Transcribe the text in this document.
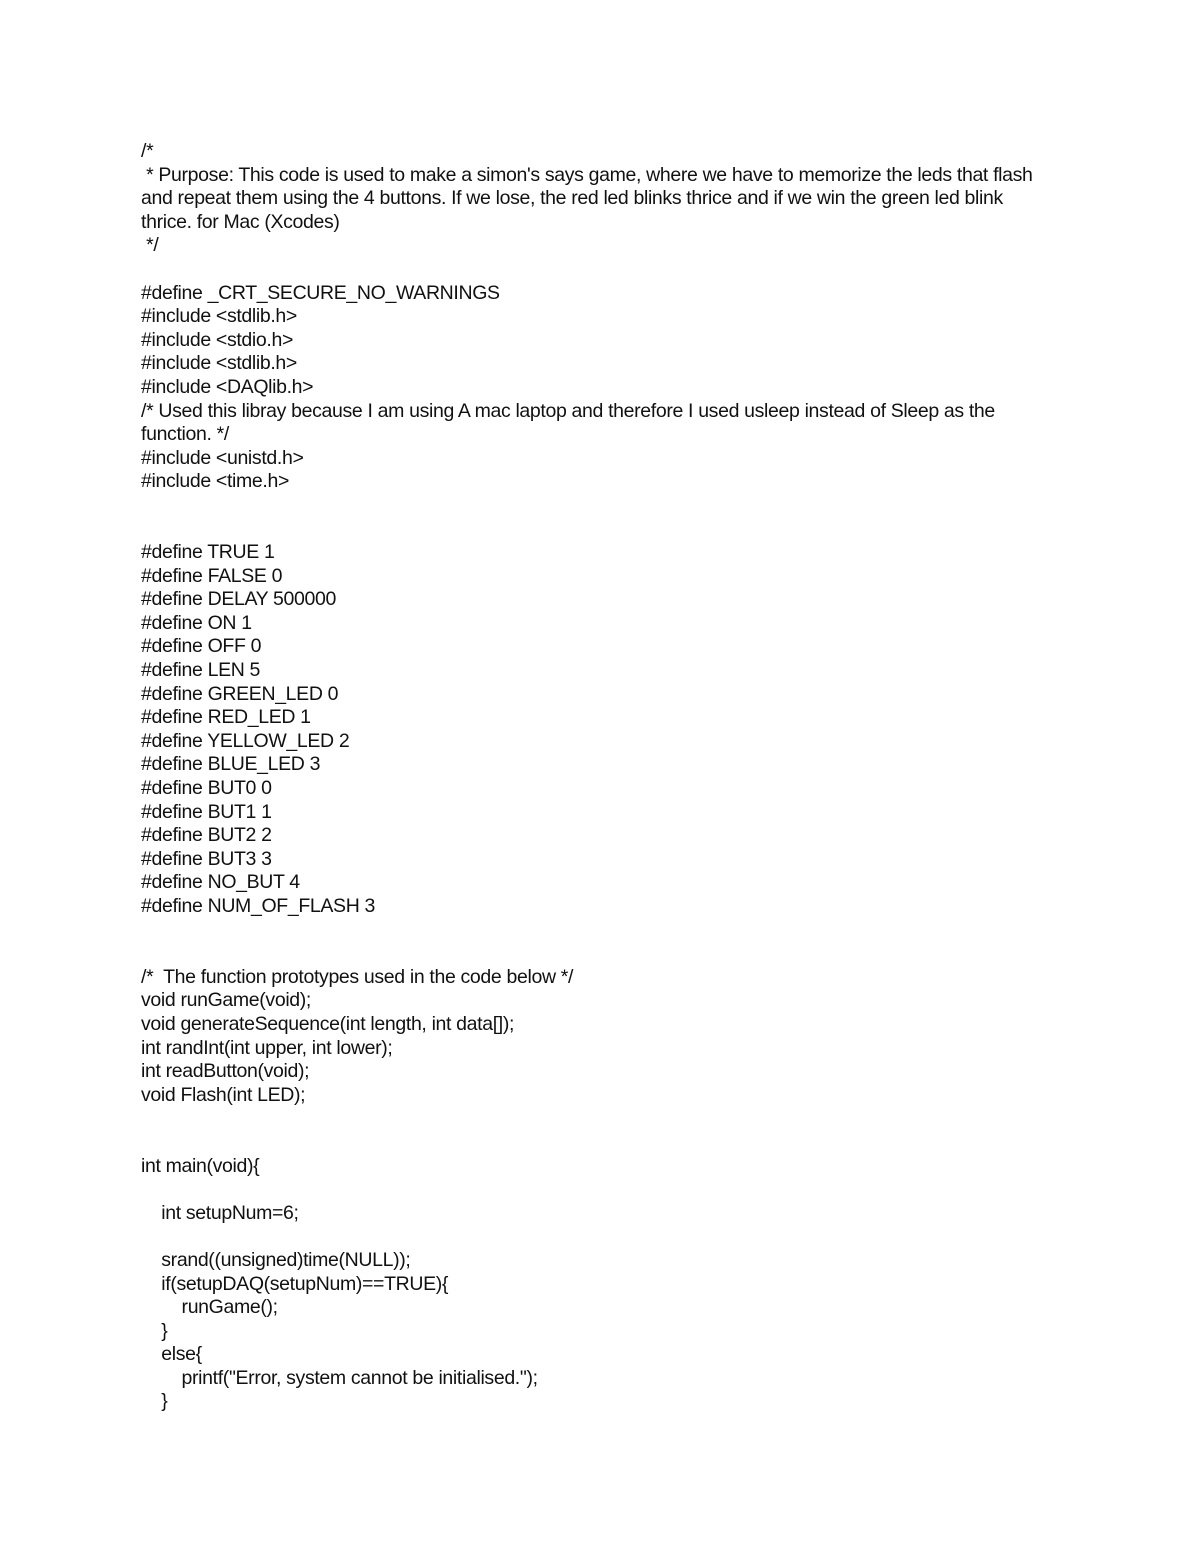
/*
* Purpose: This code is used to make a simon's says game, where we have to memorize the leds that flash and repeat them using the 4 buttons. If we lose, the red led blinks thrice and if we win the green led blink thrice. for Mac (Xcodes)
*/
#define _CRT_SECURE_NO_WARNINGS
#include <stdlib.h>
#include <stdio.h>
#include <stdlib.h>
#include <DAQlib.h>
/* Used this libray because I am using A mac laptop and therefore I used usleep instead of Sleep as the function. */
#include <unistd.h>
#include <time.h>
#define TRUE 1
#define FALSE 0
#define DELAY 500000
#define ON 1
#define OFF 0
#define LEN 5
#define GREEN_LED 0
#define RED_LED 1
#define YELLOW_LED 2
#define BLUE_LED 3
#define BUT0 0
#define BUT1 1
#define BUT2 2
#define BUT3 3
#define NO_BUT 4
#define NUM_OF_FLASH 3
/*  The function prototypes used in the code below */
void runGame(void);
void generateSequence(int length, int data[]);
int randInt(int upper, int lower);
int readButton(void);
void Flash(int LED);
int main(void){
int setupNum=6;
srand((unsigned)time(NULL));
if(setupDAQ(setupNum)==TRUE){
runGame();
}
else{
printf("Error, system cannot be initialised.");
}
